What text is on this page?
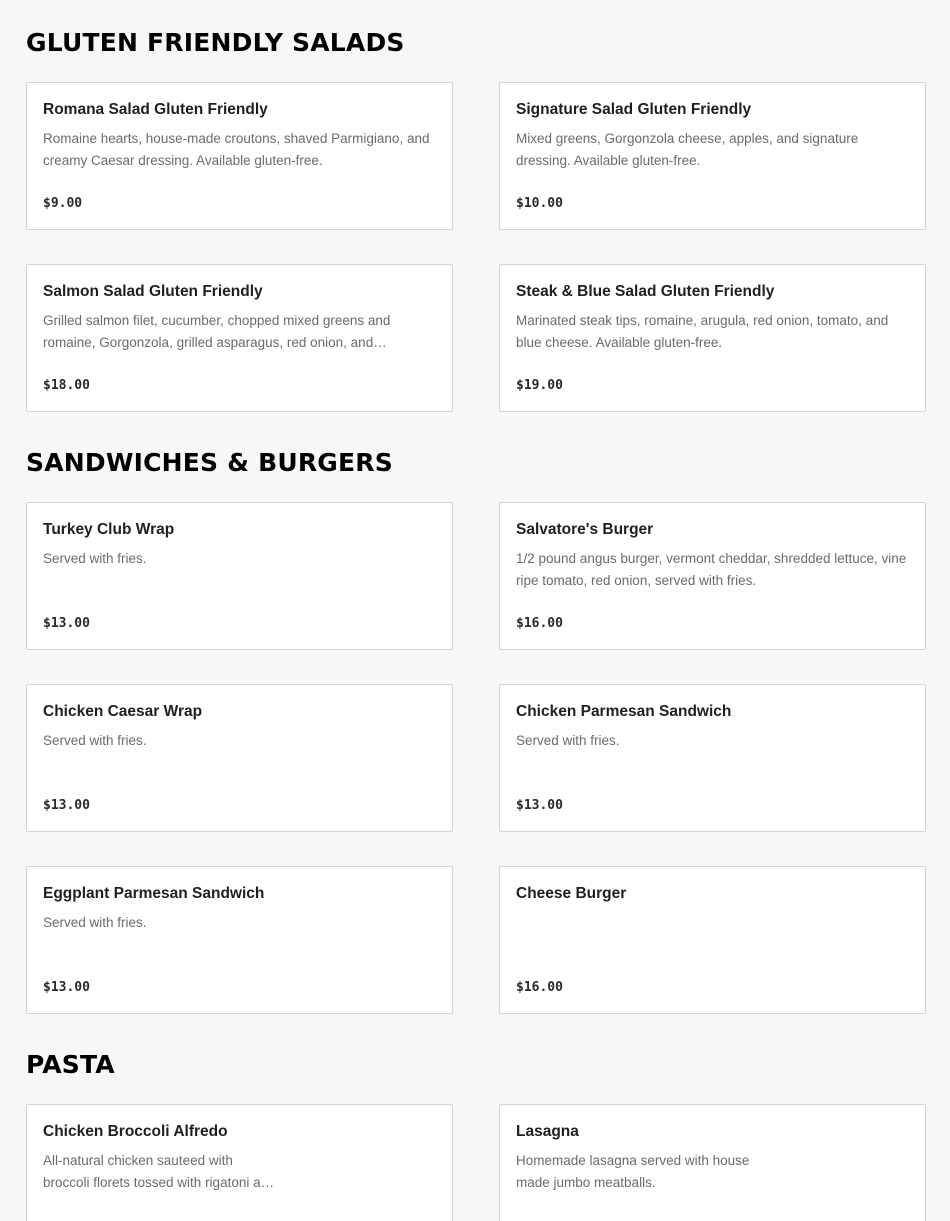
GLUTEN FRIENDLY SALADS
Romana Salad Gluten Friendly
Romaine hearts, house-made croutons, shaved Parmigiano, and creamy Caesar dressing. Available gluten-free.
$9.00
Signature Salad Gluten Friendly
Mixed greens, Gorgonzola cheese, apples, and signature dressing. Available gluten-free.
$10.00
Salmon Salad Gluten Friendly
Grilled salmon filet, cucumber, chopped mixed greens and romaine, Gorgonzola, grilled asparagus, red onion, and…
$18.00
Steak & Blue Salad Gluten Friendly
Marinated steak tips, romaine, arugula, red onion, tomato, and blue cheese. Available gluten-free.
$19.00
SANDWICHES & BURGERS
Turkey Club Wrap
Served with fries.
$13.00
Salvatore's Burger
1/2 pound angus burger, vermont cheddar, shredded lettuce, vine ripe tomato, red onion, served with fries.
$16.00
Chicken Caesar Wrap
Served with fries.
$13.00
Chicken Parmesan Sandwich
Served with fries.
$13.00
Eggplant Parmesan Sandwich
Served with fries.
$13.00
Cheese Burger
$16.00
PASTA
Chicken Broccoli Alfredo
All-natural chicken sauteed with
broccoli florets tossed with rigatoni a…

Lasagna
Homemade lasagna served with house
made jumbo meatballs.
